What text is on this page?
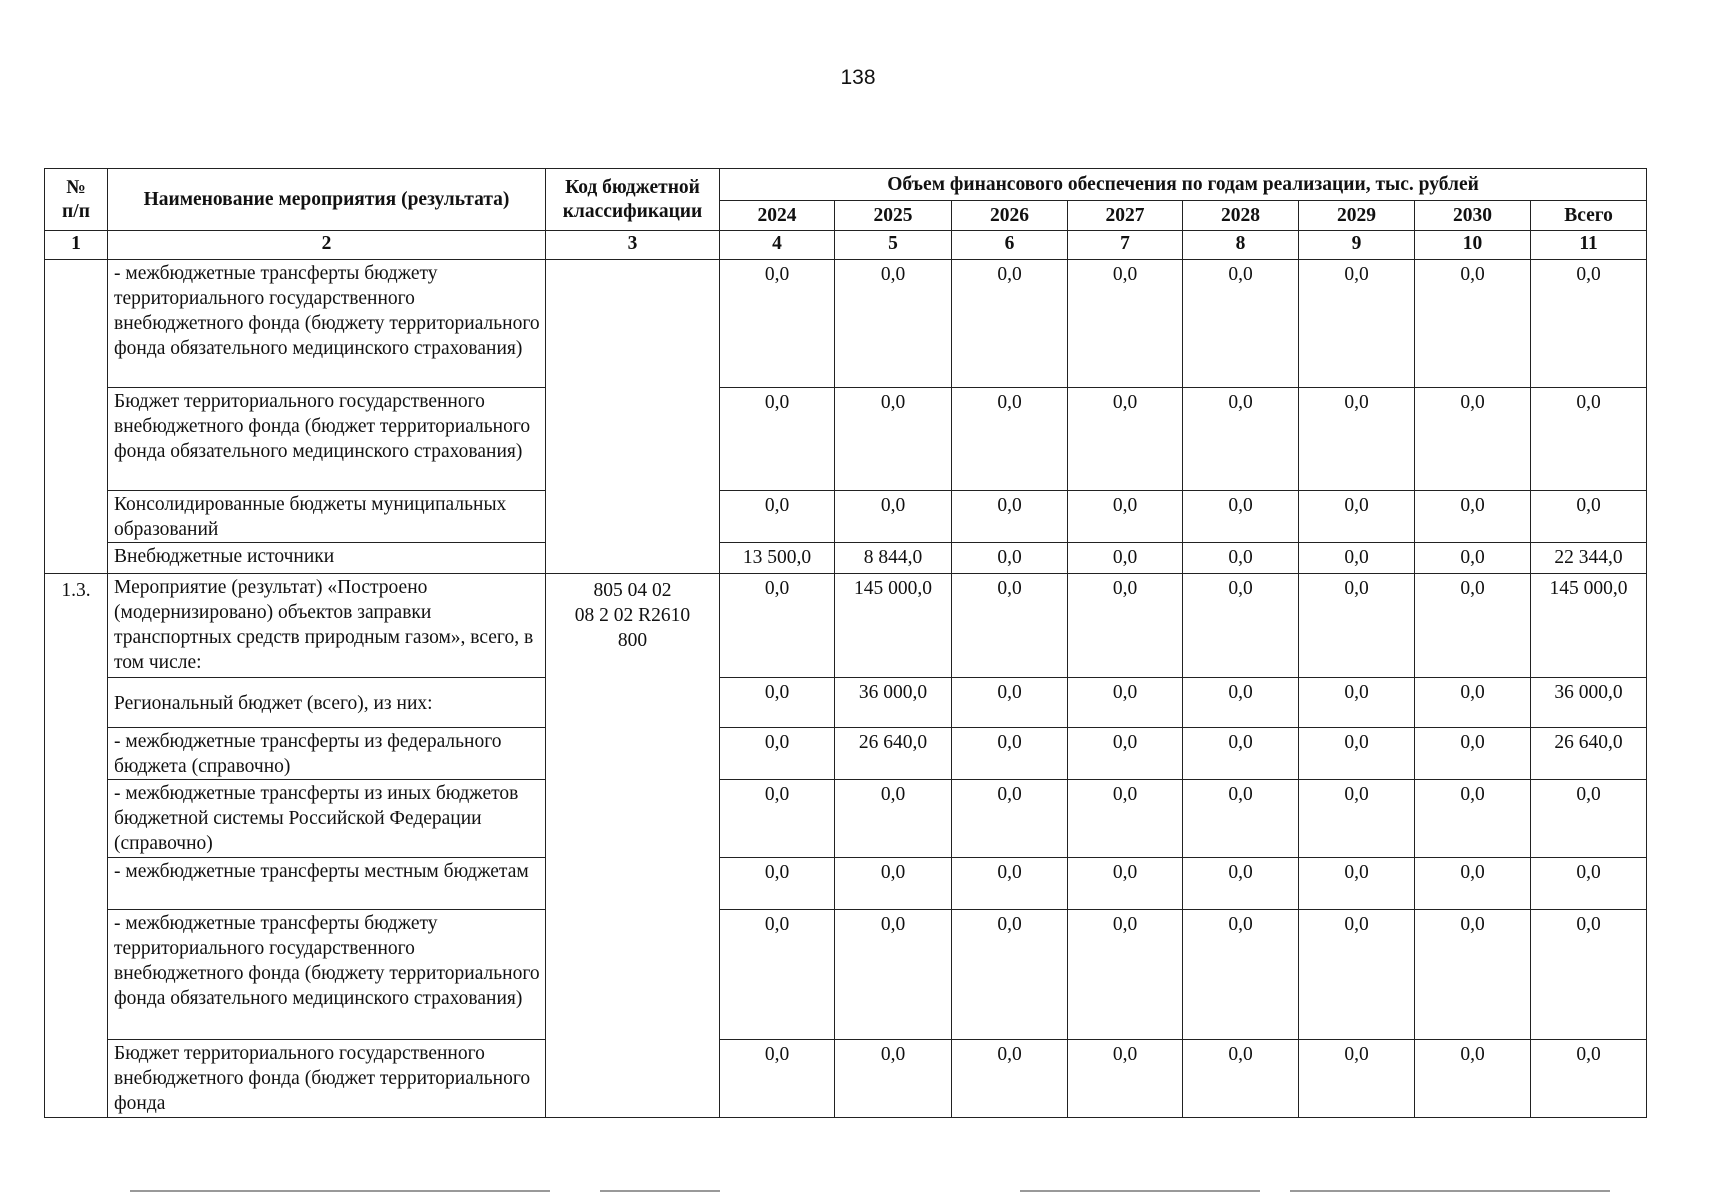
138
№
п/п	Наименование мероприятия (результата)	Код бюджетной классификации	Объем финансового обеспечения по годам реализации, тыс. рублей							
			2024	2025	2026	2027	2028	2029	2030	Всего
1	2	3	4	5	6	7	8	9	10	11
	- межбюджетные трансферты бюджету территориального государственного внебюджетного фонда (бюджету территориального фонда обязательного медицинского страхования)		0,0	0,0	0,0	0,0	0,0	0,0	0,0	0,0
	Бюджет территориального государственного внебюджетного фонда (бюджет территориального фонда обязательного медицинского страхования)		0,0	0,0	0,0	0,0	0,0	0,0	0,0	0,0
	Консолидированные бюджеты муниципальных образований		0,0	0,0	0,0	0,0	0,0	0,0	0,0	0,0
	Внебюджетные источники		13 500,0	8 844,0	0,0	0,0	0,0	0,0	0,0	22 344,0
1.3.	Мероприятие (результат) «Построено (модернизировано) объектов заправки транспортных средств природным газом», всего, в том числе:	805 04 02
08 2 02 R2610
800	0,0	145 000,0	0,0	0,0	0,0	0,0	0,0	145 000,0
	Региональный бюджет (всего), из них:		0,0	36 000,0	0,0	0,0	0,0	0,0	0,0	36 000,0
	- межбюджетные трансферты из федерального бюджета (справочно)		0,0	26 640,0	0,0	0,0	0,0	0,0	0,0	26 640,0
	- межбюджетные трансферты из иных бюджетов бюджетной системы Российской Федерации (справочно)		0,0	0,0	0,0	0,0	0,0	0,0	0,0	0,0
	- межбюджетные трансферты местным бюджетам		0,0	0,0	0,0	0,0	0,0	0,0	0,0	0,0
	- межбюджетные трансферты бюджету территориального государственного внебюджетного фонда (бюджету территориального фонда обязательного медицинского страхования)		0,0	0,0	0,0	0,0	0,0	0,0	0,0	0,0
	Бюджет территориального государственного внебюджетного фонда (бюджет территориального фонда		0,0	0,0	0,0	0,0	0,0	0,0	0,0	0,0
